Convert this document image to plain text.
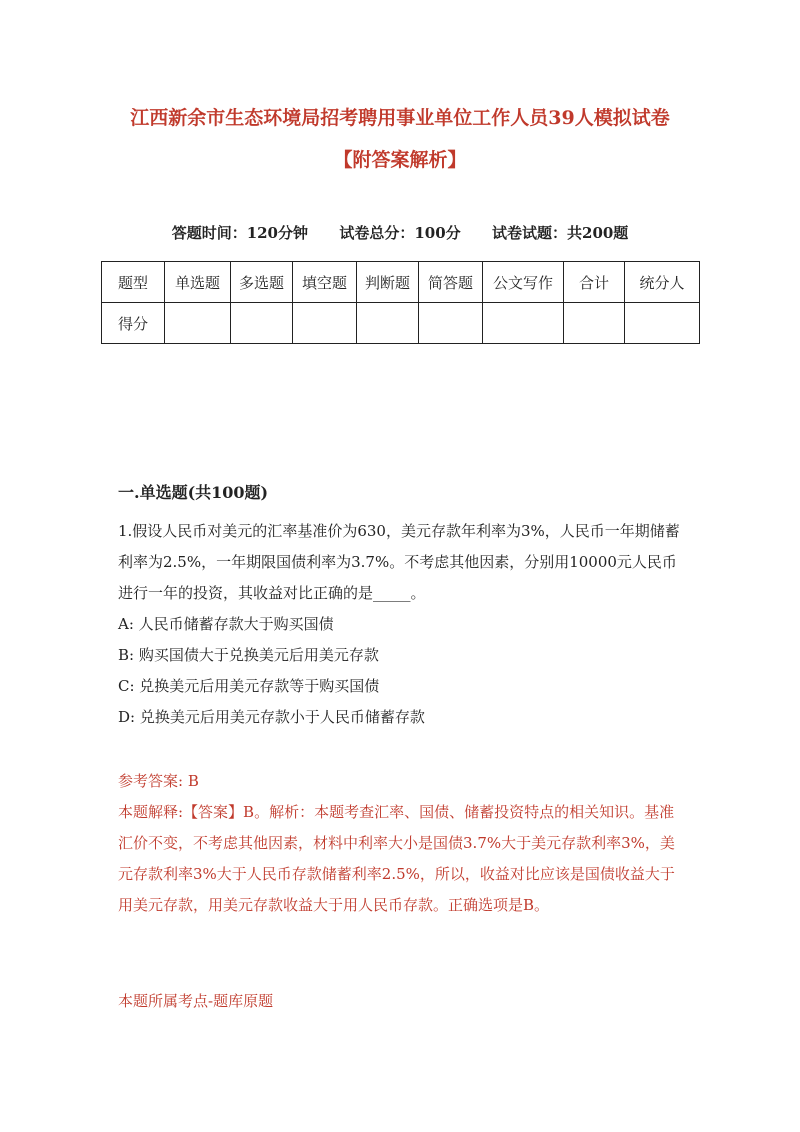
江西新余市生态环境局招考聘用事业单位工作人员39人模拟试卷
【附答案解析】
答题时间：120分钟 试卷总分：100分 试卷试题：共200题
题型	单选题	多选题	填空题	判断题	简答题	公文写作	合计	统分人
得分								
一.单选题(共100题)

1.假设人民币对美元的汇率基准价为630，美元存款年利率为3%，人民币一年期储蓄利率为2.5%，一年期限国债利率为3.7%。不考虑其他因素，分别用10000元人民币进行一年的投资，其收益对比正确的是_____。

A: 人民币储蓄存款大于购买国债
B: 购买国债大于兑换美元后用美元存款
C: 兑换美元后用美元存款等于购买国债
D: 兑换美元后用美元存款小于人民币储蓄存款

参考答案: B

本题解释:【答案】B。解析：本题考查汇率、国债、储蓄投资特点的相关知识。基准汇价不变，不考虑其他因素，材料中利率大小是国债3.7%大于美元存款利率3%，美元存款利率3%大于人民币存款储蓄利率2.5%，所以，收益对比应该是国债收益大于用美元存款，用美元存款收益大于用人民币存款。正确选项是B。

本题所属考点-题库原题
